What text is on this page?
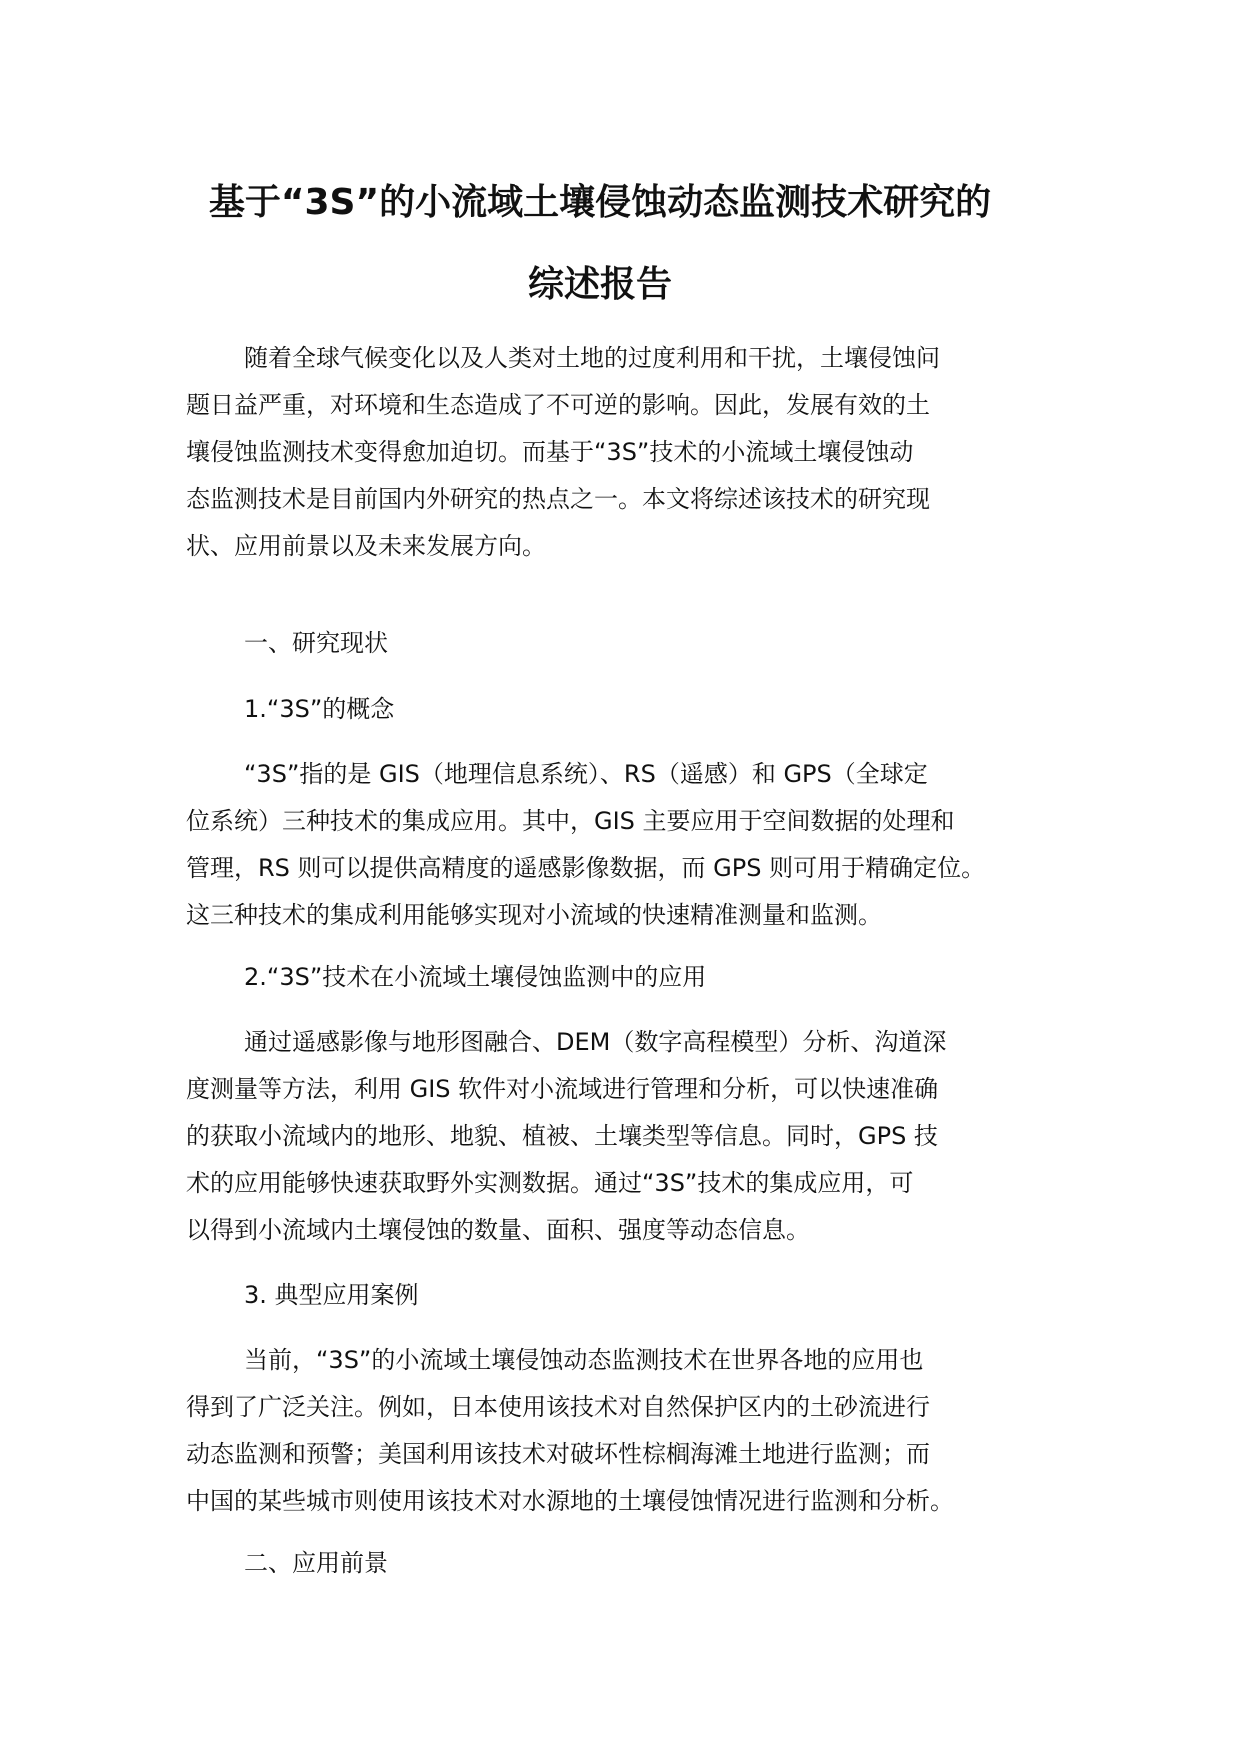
基于“3S”的小流域土壤侵蚀动态监测技术研究的
综述报告
随着全球气候变化以及人类对土地的过度利用和干扰，土壤侵蚀问
题日益严重，对环境和生态造成了不可逆的影响。因此，发展有效的土
壤侵蚀监测技术变得愈加迫切。而基于“3S”技术的小流域土壤侵蚀动
态监测技术是目前国内外研究的热点之一。本文将综述该技术的研究现
状、应用前景以及未来发展方向。
一、研究现状
1.“3S”的概念
“3S”指的是 GIS（地理信息系统）、RS（遥感）和 GPS（全球定
位系统）三种技术的集成应用。其中，GIS 主要应用于空间数据的处理和
管理，RS 则可以提供高精度的遥感影像数据，而 GPS 则可用于精确定位。
这三种技术的集成利用能够实现对小流域的快速精准测量和监测。
2.“3S”技术在小流域土壤侵蚀监测中的应用
通过遥感影像与地形图融合、DEM（数字高程模型）分析、沟道深
度测量等方法，利用 GIS 软件对小流域进行管理和分析，可以快速准确
的获取小流域内的地形、地貌、植被、土壤类型等信息。同时，GPS 技
术的应用能够快速获取野外实测数据。通过“3S”技术的集成应用，可
以得到小流域内土壤侵蚀的数量、面积、强度等动态信息。
3. 典型应用案例
当前，“3S”的小流域土壤侵蚀动态监测技术在世界各地的应用也
得到了广泛关注。例如，日本使用该技术对自然保护区内的土砂流进行
动态监测和预警；美国利用该技术对破坏性棕榈海滩土地进行监测；而
中国的某些城市则使用该技术对水源地的土壤侵蚀情况进行监测和分析。
二、应用前景
